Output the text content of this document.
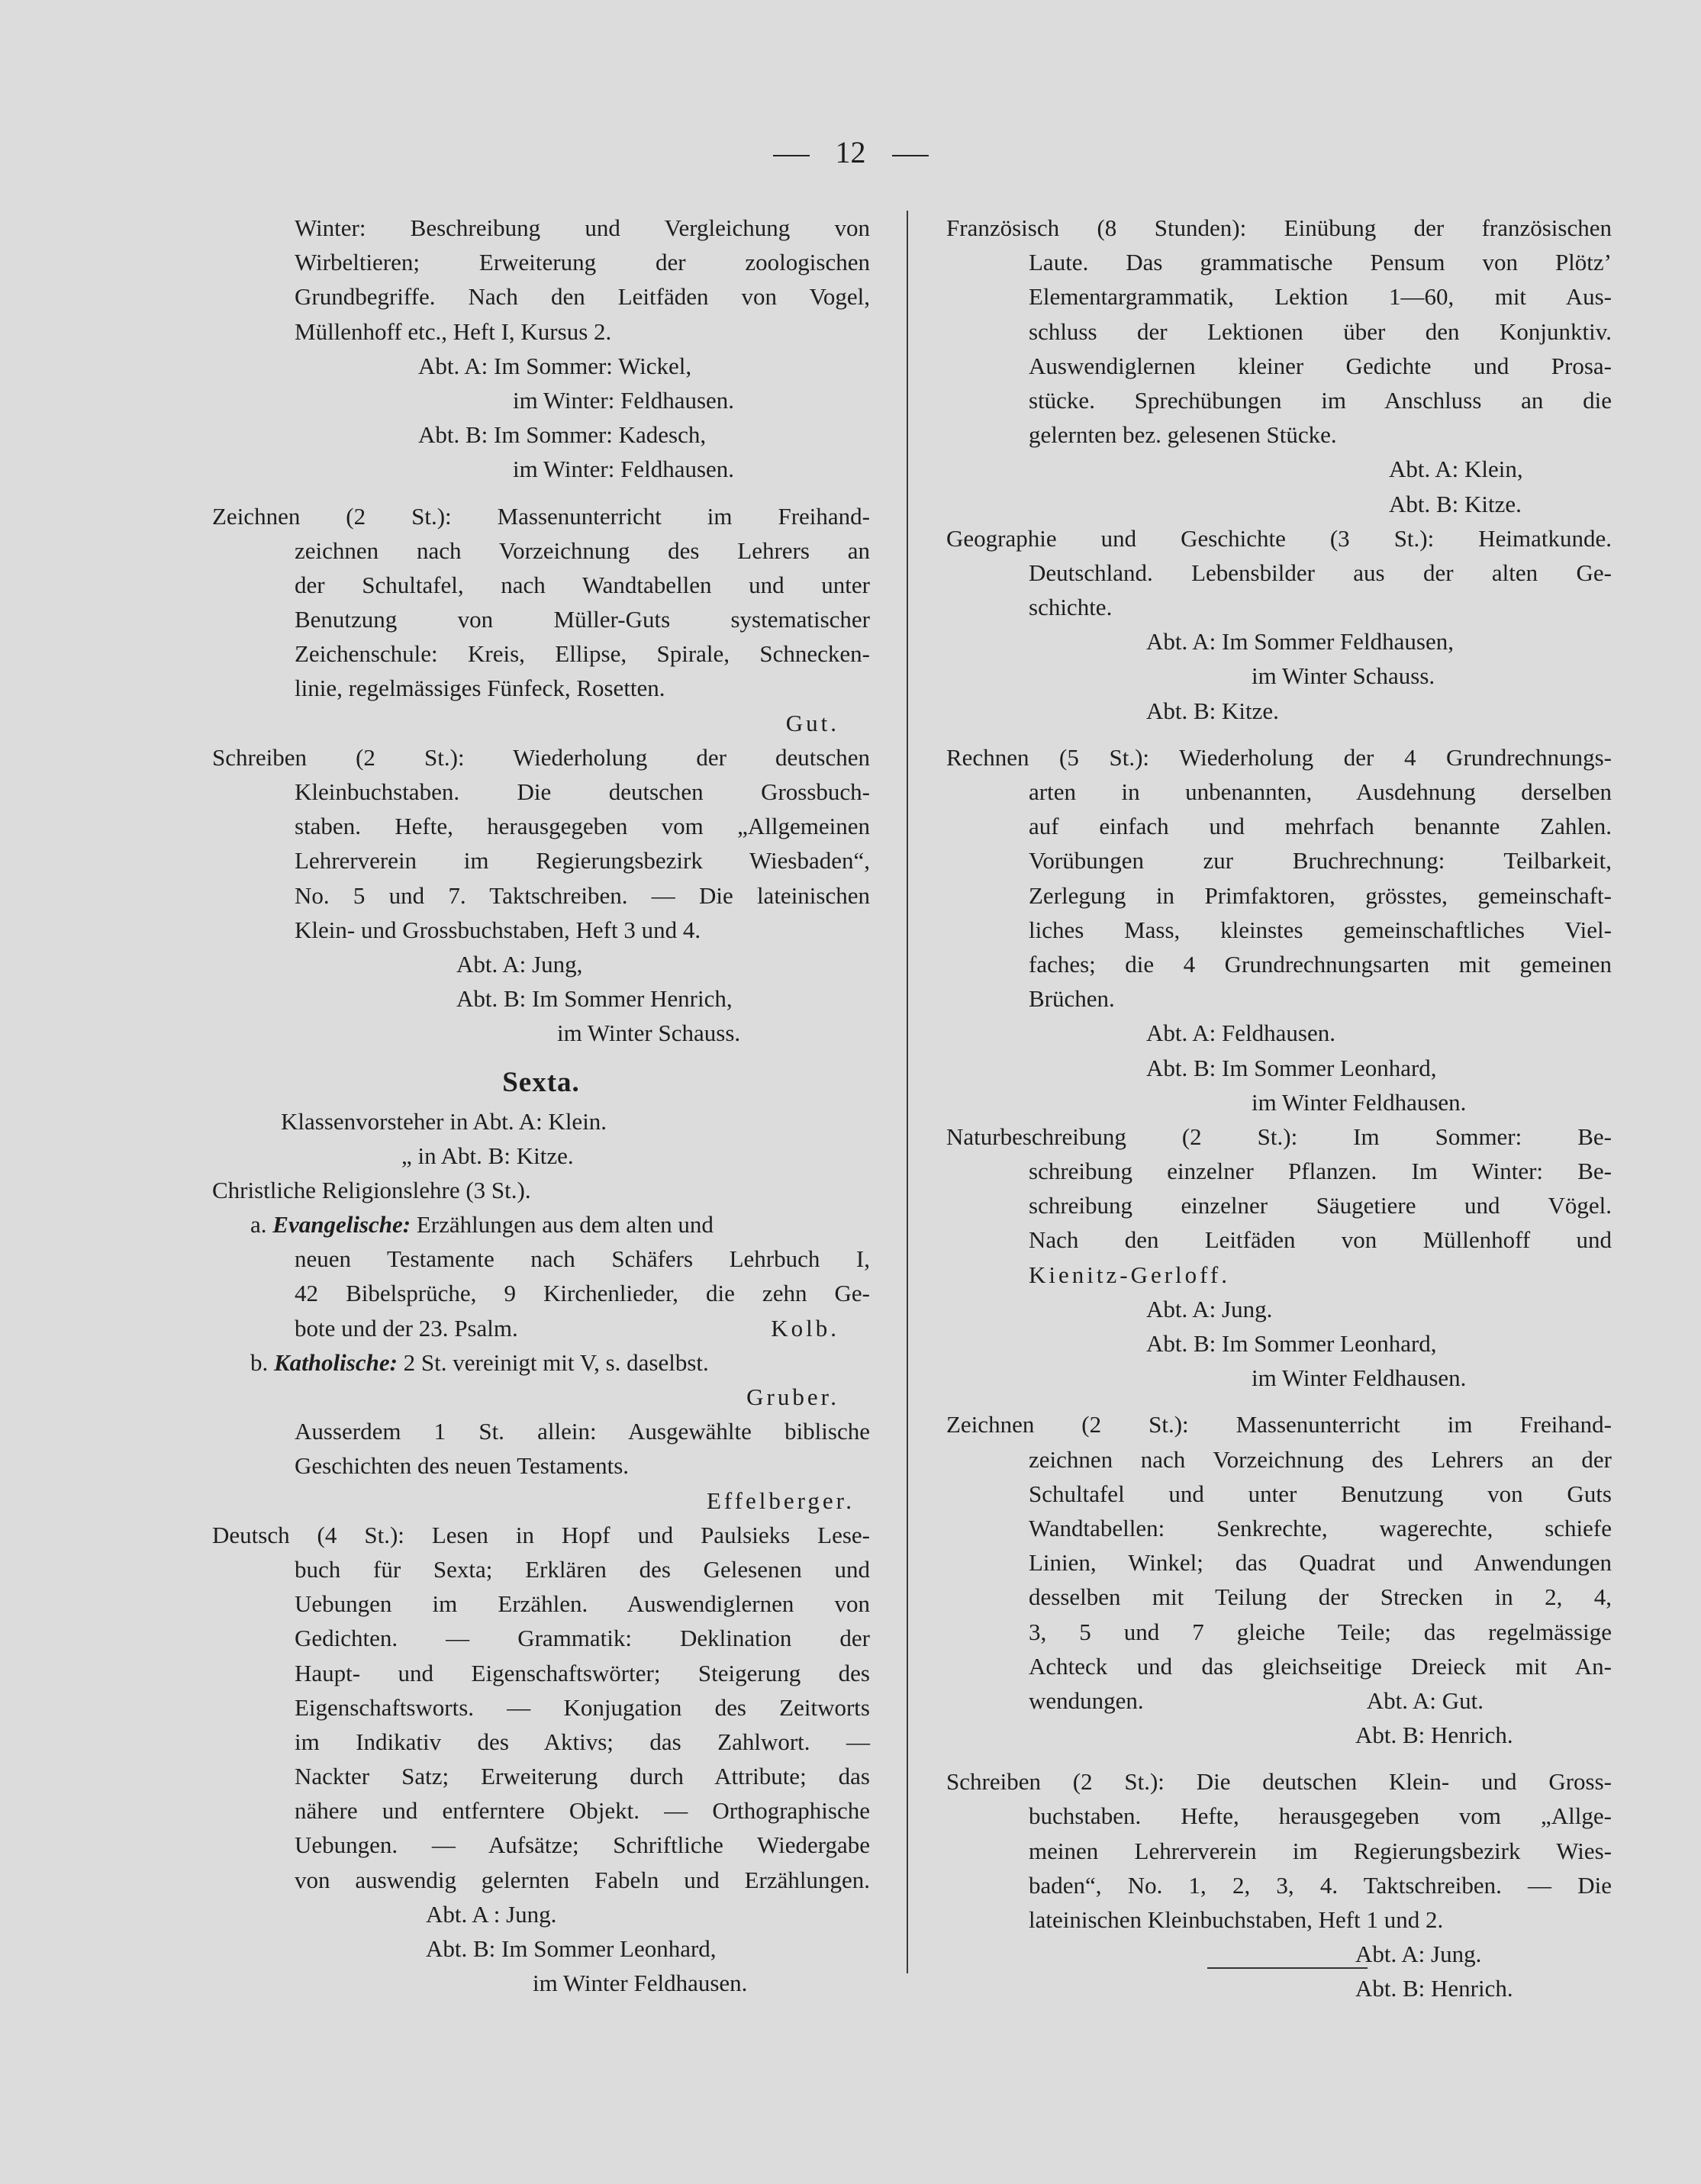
12
Winter: Beschreibung und Vergleichung von
Wirbeltieren; Erweiterung der zoologischen
Grundbegriffe. Nach den Leitfäden von Vogel,
Müllenhoff etc., Heft I, Kursus 2.
Abt. A: Im Sommer: Wickel,
im Winter: Feldhausen.
Abt. B: Im Sommer: Kadesch,
im Winter: Feldhausen.
Zeichnen (2 St.): Massenunterricht im Freihand-
zeichnen nach Vorzeichnung des Lehrers an
der Schultafel, nach Wandtabellen und unter
Benutzung von Müller-Guts systematischer
Zeichenschule: Kreis, Ellipse, Spirale, Schnecken-
linie, regelmässiges Fünfeck, Rosetten.
Gut.
Schreiben (2 St.): Wiederholung der deutschen
Kleinbuchstaben. Die deutschen Grossbuch-
staben. Hefte, herausgegeben vom „Allgemeinen
Lehrerverein im Regierungsbezirk Wiesbaden“,
No. 5 und 7. Taktschreiben. — Die lateinischen
Klein- und Grossbuchstaben, Heft 3 und 4.
Abt. A: Jung,
Abt. B: Im Sommer Henrich,
im Winter Schauss.
Sexta.
Klassenvorsteher in Abt. A: Klein.
„ in Abt. B: Kitze.
Christliche Religionslehre (3 St.).
a. Evangelische: Erzählungen aus dem alten und
neuen Testamente nach Schäfers Lehrbuch I,
42 Bibelsprüche, 9 Kirchenlieder, die zehn Ge-
bote und der 23. Psalm.	Kolb.
b. Katholische: 2 St. vereinigt mit V, s. daselbst.
Gruber.
Ausserdem 1 St. allein: Ausgewählte biblische
Geschichten des neuen Testaments.
Effelberger.
Deutsch (4 St.): Lesen in Hopf und Paulsieks Lese-
buch für Sexta; Erklären des Gelesenen und
Uebungen im Erzählen. Auswendiglernen von
Gedichten. — Grammatik: Deklination der
Haupt- und Eigenschaftswörter; Steigerung des
Eigenschaftsworts. — Konjugation des Zeitworts
im Indikativ des Aktivs; das Zahlwort. —
Nackter Satz; Erweiterung durch Attribute; das
nähere und entferntere Objekt. — Orthographische
Uebungen. — Aufsätze; Schriftliche Wiedergabe
von auswendig gelernten Fabeln und Erzählungen.
Abt. A : Jung.
Abt. B: Im Sommer Leonhard,
im Winter Feldhausen.
Französisch (8 Stunden): Einübung der französischen
Laute. Das grammatische Pensum von Plötz’
Elementargrammatik, Lektion 1—60, mit Aus-
schluss der Lektionen über den Konjunktiv.
Auswendiglernen kleiner Gedichte und Prosa-
stücke. Sprechübungen im Anschluss an die
gelernten bez. gelesenen Stücke.
Abt. A: Klein,
Abt. B: Kitze.
Geographie und Geschichte (3 St.): Heimatkunde.
Deutschland. Lebensbilder aus der alten Ge-
schichte.
Abt. A: Im Sommer Feldhausen,
im Winter Schauss.
Abt. B: Kitze.
Rechnen (5 St.): Wiederholung der 4 Grundrechnungs-
arten in unbenannten, Ausdehnung derselben
auf einfach und mehrfach benannte Zahlen.
Vorübungen zur Bruchrechnung: Teilbarkeit,
Zerlegung in Primfaktoren, grösstes, gemeinschaft-
liches Mass, kleinstes gemeinschaftliches Viel-
faches; die 4 Grundrechnungsarten mit gemeinen
Brüchen.
Abt. A: Feldhausen.
Abt. B: Im Sommer Leonhard,
im Winter Feldhausen.
Naturbeschreibung (2 St.): Im Sommer: Be-
schreibung einzelner Pflanzen. Im Winter: Be-
schreibung einzelner Säugetiere und Vögel.
Nach den Leitfäden von Müllenhoff und
Kienitz-Gerloff.
Abt. A: Jung.
Abt. B: Im Sommer Leonhard,
im Winter Feldhausen.
Zeichnen (2 St.): Massenunterricht im Freihand-
zeichnen nach Vorzeichnung des Lehrers an der
Schultafel und unter Benutzung von Guts
Wandtabellen: Senkrechte, wagerechte, schiefe
Linien, Winkel; das Quadrat und Anwendungen
desselben mit Teilung der Strecken in 2, 4,
3, 5 und 7 gleiche Teile; das regelmässige
Achteck und das gleichseitige Dreieck mit An-
wendungen.	Abt. A: Gut.
Abt. B: Henrich.
Schreiben (2 St.): Die deutschen Klein- und Gross-
buchstaben. Hefte, herausgegeben vom „Allge-
meinen Lehrerverein im Regierungsbezirk Wies-
baden“, No. 1, 2, 3, 4. Taktschreiben. — Die
lateinischen Kleinbuchstaben, Heft 1 und 2.
Abt. A: Jung.
Abt. B: Henrich.
